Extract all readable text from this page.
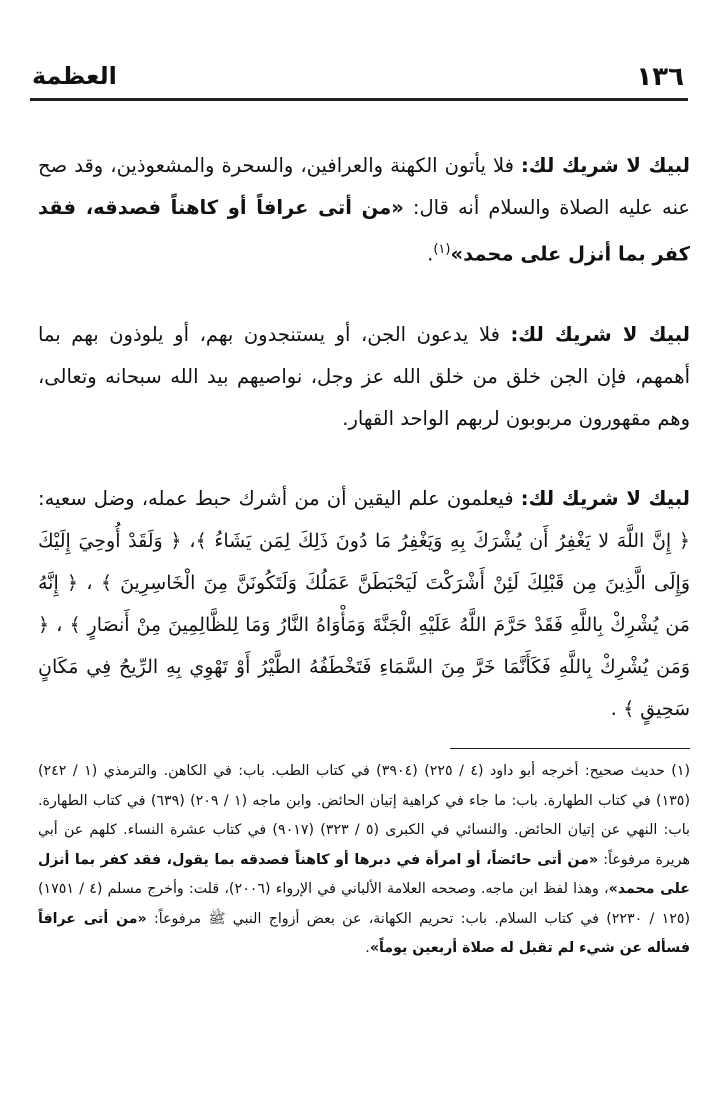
١٣٦
العظمة

لبيك لا شريك لك: فلا يأتون الكهنة والعرافين، والسحرة والمشعوذين، وقد صح عنه عليه الصلاة والسلام أنه قال: «من أتى عرافاً أو كاهناً فصدقه، فقد كفر بما أنزل على محمد»$^{(١)}$.

لبيك لا شريك لك: فلا يدعون الجن، أو يستنجدون بهم، أو يلوذون بهم بما أهمهم، فإن الجن خلق من خلق الله عز وجل، نواصيهم بيد الله سبحانه وتعالى، وهم مقهورون مربوبون لربهم الواحد القهار.

لبيك لا شريك لك: فيعلمون علم اليقين أن من أشرك حبط عمله، وضل سعيه: ﴿ إِنَّ اللَّهَ لا يَغْفِرُ أَن يُشْرَكَ بِهِ وَيَغْفِرُ مَا دُونَ ذَلِكَ لِمَن يَشَاءُ ﴾، ﴿ وَلَقَدْ أُوحِيَ إِلَيْكَ وَإِلَى الَّذِينَ مِن قَبْلِكَ لَئِنْ أَشْرَكْتَ لَيَحْبَطَنَّ عَمَلُكَ وَلَتَكُونَنَّ مِنَ الْخَاسِرِينَ ﴾ ، ﴿ إِنَّهُ مَن يُشْرِكْ بِاللَّهِ فَقَدْ حَرَّمَ اللَّهُ عَلَيْهِ الْجَنَّةَ وَمَأْوَاهُ النَّارُ وَمَا لِلظَّالِمِينَ مِنْ أَنصَارٍ ﴾ ، ﴿ وَمَن يُشْرِكْ بِاللَّهِ فَكَأَنَّمَا خَرَّ مِنَ السَّمَاءِ فَتَخْطَفُهُ الطَّيْرُ أَوْ تَهْوِي بِهِ الرِّيحُ فِي مَكَانٍ سَحِيقٍ ﴾ .

(١) حديث صحيح: أخرجه أبو داود (٤ / ٢٢٥) (٣٩٠٤) في كتاب الطب. باب: في الكاهن. والترمذي (١ / ٢٤٢) (١٣٥) في كتاب الطهارة. باب: ما جاء في كراهية إتيان الحائض. وابن ماجه (١ / ٢٠٩) (٦٣٩) في كتاب الطهارة. باب: النهي عن إتيان الحائض. والنسائي في الكبرى (٥ / ٣٢٣) (٩٠١٧) في كتاب عشرة النساء. كلهم عن أبي هريرة مرفوعاً: «من أتى حائضاً، أو امرأة في دبرها أو كاهناً فصدقه بما يقول، فقد كفر بما أنزل على محمد»، وهذا لفظ ابن ماجه. وصححه العلامة الألباني في الإرواء (٢٠٠٦)، قلت: وأخرج مسلم (٤ / ١٧٥١) (١٢٥ / ٢٢٣٠) في كتاب السلام. باب: تحريم الكهانة، عن بعض أزواج النبي ﷺ مرفوعاً: «من أتى عرافاً فسأله عن شيء لم تقبل له صلاة أربعين يوماً».
